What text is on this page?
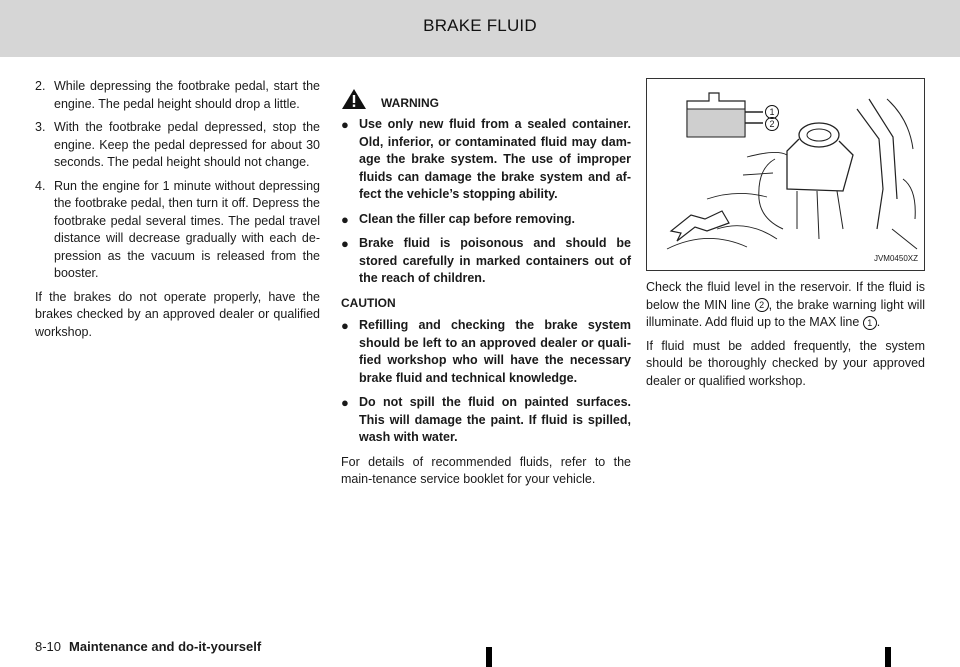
BRAKE FLUID
2. While depressing the footbrake pedal, start the engine. The pedal height should drop a little.
3. With the footbrake pedal depressed, stop the engine. Keep the pedal depressed for about 30 seconds. The pedal height should not change.
4. Run the engine for 1 minute without depressing the footbrake pedal, then turn it off. Depress the footbrake pedal several times. The pedal travel distance will decrease gradually with each de-pression as the vacuum is released from the booster.

If the brakes do not operate properly, have the brakes checked by an approved dealer or qualified workshop.

WARNING
● Use only new fluid from a sealed container. Old, inferior, or contaminated fluid may dam-age the brake system. The use of improper fluids can damage the brake system and af-fect the vehicle’s stopping ability.
● Clean the filler cap before removing.
● Brake fluid is poisonous and should be stored carefully in marked containers out of the reach of children.
CAUTION
● Refilling and checking the brake system should be left to an approved dealer or quali-fied workshop who will have the necessary brake fluid and technical knowledge.
● Do not spill the fluid on painted surfaces. This will damage the paint. If fluid is spilled, wash with water.

For details of recommended fluids, refer to the main-tenance service booklet for your vehicle.

1
2
JVM0450XZ

Check the fluid level in the reservoir. If the fluid is below the MIN line 2 , the brake warning light will illuminate. Add fluid up to the MAX line 1 .

If fluid must be added frequently, the system should be thoroughly checked by your approved dealer or qualified workshop.

8-10 Maintenance and do-it-yourself
